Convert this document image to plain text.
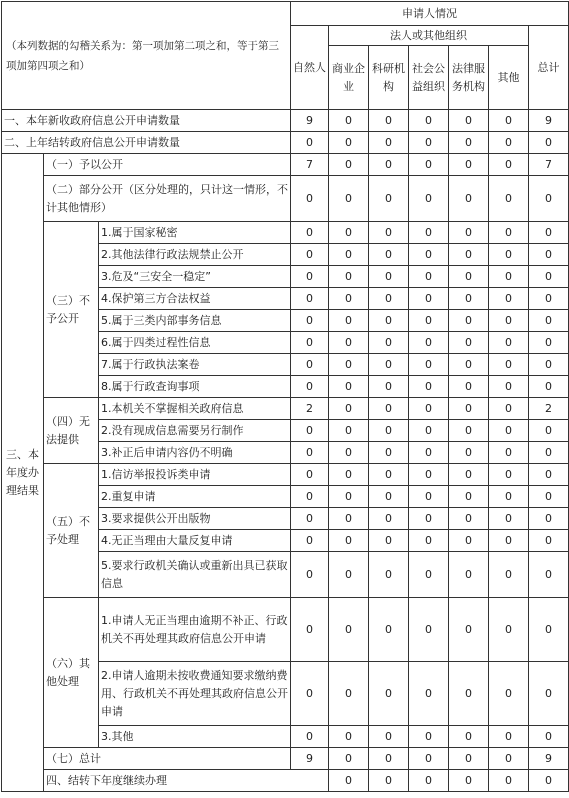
（本列数据的勾稽关系为：第一项加第二项之和，等于第三项加第四项之和）			申请人情况							
			自然人	法人或其他组织					总计	
				商业企业	科研机构	社会公益组织	法律服务机构	其他		
一、本年新收政府信息公开申请数量			9	0	0	0	0	0	9	
二、上年结转政府信息公开申请数量			0	0	0	0	0	0	0	
三、本年度办理结果	（一）予以公开		7	0	0	0	0	0	7	
	（二）部分公开（区分处理的，只计这一情形，不计其他情形）		0	0	0	0	0	0	0	
	（三）不予公开	1.属于国家秘密	0	0	0	0	0	0	0	
		2.其他法律行政法规禁止公开	0	0	0	0	0	0	0	
		3.危及“三安全一稳定”	0	0	0	0	0	0	0	
		4.保护第三方合法权益	0	0	0	0	0	0	0	
		5.属于三类内部事务信息	0	0	0	0	0	0	0	
		6.属于四类过程性信息	0	0	0	0	0	0	0	
		7.属于行政执法案卷	0	0	0	0	0	0	0	
		8.属于行政查询事项	0	0	0	0	0	0	0	
	（四）无法提供	1.本机关不掌握相关政府信息	2	0	0	0	0	0	2	
		2.没有现成信息需要另行制作	0	0	0	0	0	0	0	
		3.补正后申请内容仍不明确	0	0	0	0	0	0	0	
	（五）不予处理	1.信访举报投诉类申请	0	0	0	0	0	0	0	
		2.重复申请	0	0	0	0	0	0	0	
		3.要求提供公开出版物	0	0	0	0	0	0	0	
		4.无正当理由大量反复申请	0	0	0	0	0	0	0	
		5.要求行政机关确认或重新出具已获取信息	0	0	0	0	0	0	0	
	（六）其他处理	1.申请人无正当理由逾期不补正、行政机关不再处理其政府信息公开申请	0	0	0	0	0	0	0	
		2.申请人逾期未按收费通知要求缴纳费用、行政机关不再处理其政府信息公开申请	0	0	0	0	0	0	0	
		3.其他	0	0	0	0	0	0	0	
	（七）总计		9	0	0	0	0	0	9	
	四、结转下年度继续办理			0	0	0	0	0	0	
